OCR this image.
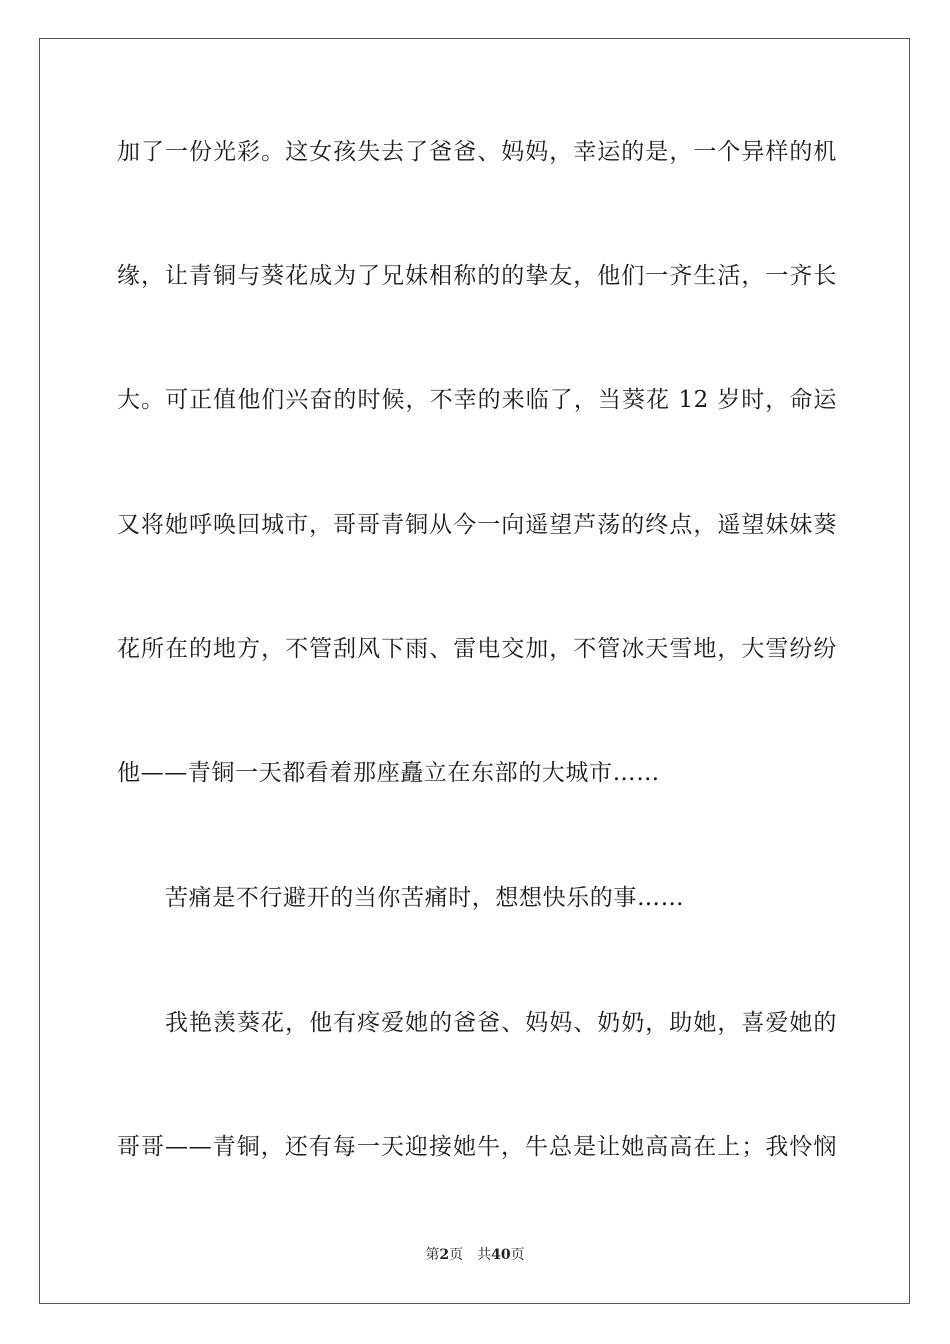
加了一份光彩。这女孩失去了爸爸、妈妈，幸运的是，一个异样的机
缘，让青铜与葵花成为了兄妹相称的的挚友，他们一齐生活，一齐长
大。可正值他们兴奋的时候，不幸的来临了，当葵花 12 岁时，命运
又将她呼唤回城市，哥哥青铜从今一向遥望芦荡的终点，遥望妹妹葵
花所在的地方，不管刮风下雨、雷电交加，不管冰天雪地，大雪纷纷
他——青铜一天都看着那座矗立在东部的大城市……
苦痛是不行避开的当你苦痛时，想想快乐的事……
我艳羡葵花，他有疼爱她的爸爸、妈妈、奶奶，助她，喜爱她的
哥哥——青铜，还有每一天迎接她牛，牛总是让她高高在上；我怜悯
第2页 共40页
